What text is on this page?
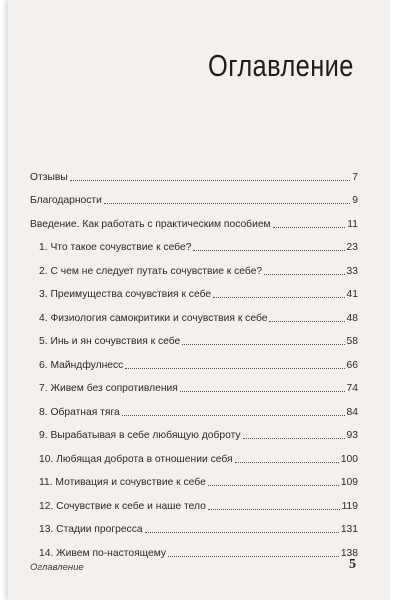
Оглавление
Отзывы	7
Благодарности	9
Введение. Как работать с практическим пособием	11
1. Что такое сочувствие к себе?	23
2. С чем не следует путать сочувствие к себе?	33
3. Преимущества сочувствия к себе	41
4. Физиология самокритики и сочувствия к себе	48
5. Инь и ян сочувствия к себе	58
6. Майндфулнесс	66
7. Живем без сопротивления	74
8. Обратная тяга	84
9. Вырабатывая в себе любящую доброту	93
10. Любящая доброта в отношении себя	100
11. Мотивация и сочувствие к себе	109
12. Сочувствие к себе и наше тело	119
13. Стадии прогресса	131
14. Живем по-настоящему	138
Оглавление	5
